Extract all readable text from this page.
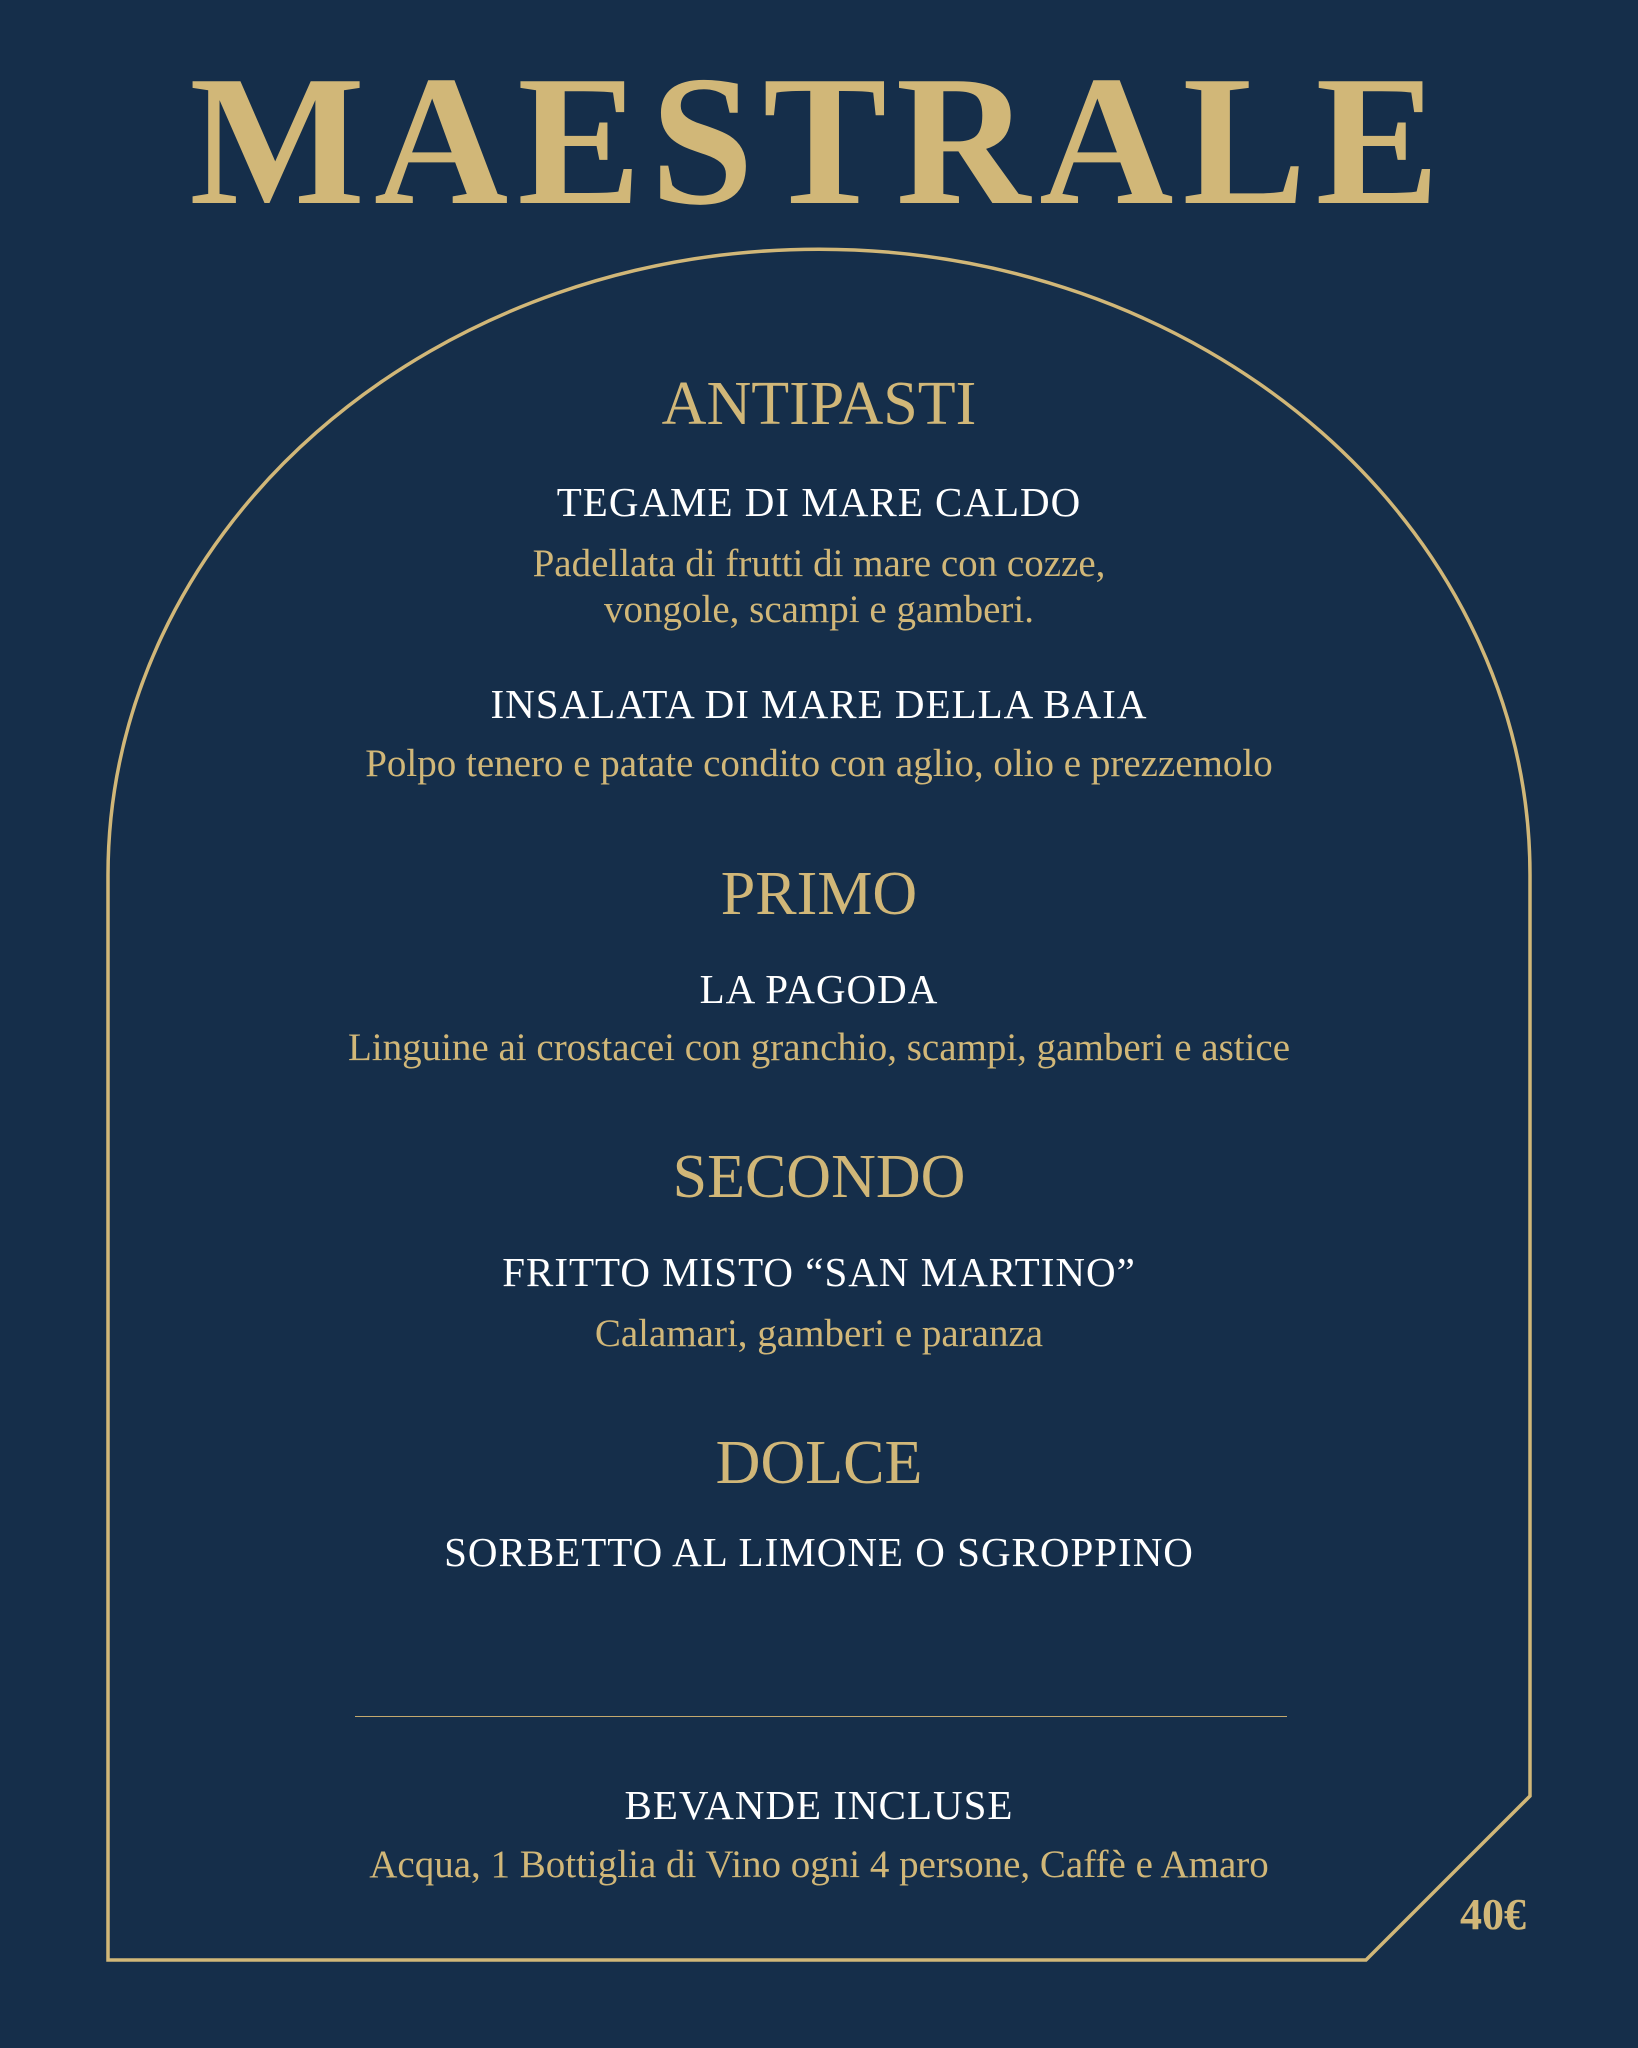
MAESTRALE
ANTIPASTI
TEGAME DI MARE CALDO
Padellata di frutti di mare con cozze,
vongole, scampi e gamberi.
INSALATA DI MARE DELLA BAIA
Polpo tenero e patate condito con aglio, olio e prezzemolo
PRIMO
LA PAGODA
Linguine ai crostacei con granchio, scampi, gamberi e astice
SECONDO
FRITTO MISTO “SAN MARTINO”
Calamari, gamberi e paranza
DOLCE
SORBETTO AL LIMONE O SGROPPINO
BEVANDE INCLUSE
Acqua, 1 Bottiglia di Vino ogni 4 persone, Caffè e Amaro
40€
